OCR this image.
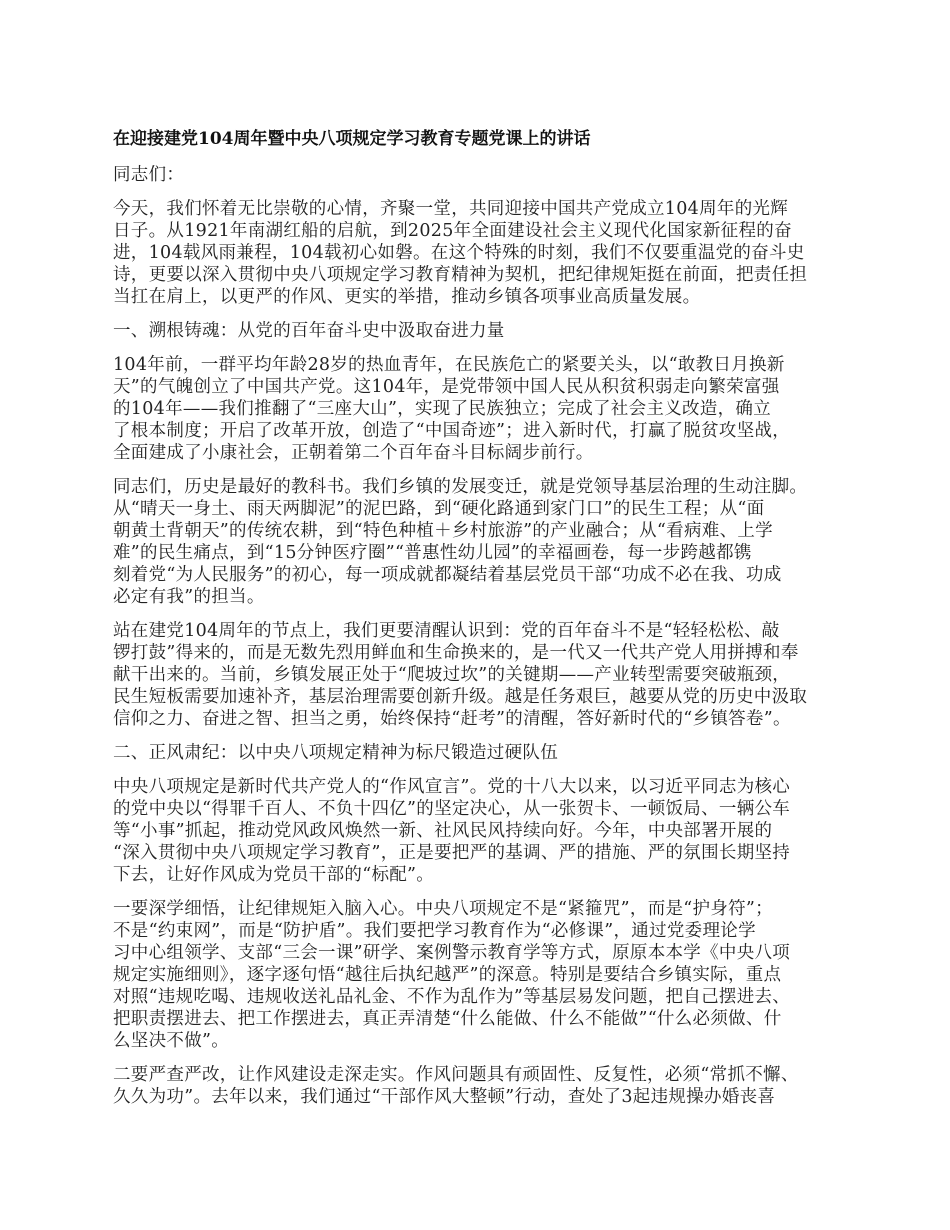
在迎接建党104周年暨中央八项规定学习教育专题党课上的讲话
同志们：
今天，我们怀着无比崇敬的心情，齐聚一堂，共同迎接中国共产党成立104周年的光辉
日子。从1921年南湖红船的启航，到2025年全面建设社会主义现代化国家新征程的奋
进，104载风雨兼程，104载初心如磐。在这个特殊的时刻，我们不仅要重温党的奋斗史
诗，更要以深入贯彻中央八项规定学习教育精神为契机，把纪律规矩挺在前面，把责任担
当扛在肩上，以更严的作风、更实的举措，推动乡镇各项事业高质量发展。
一、溯根铸魂：从党的百年奋斗史中汲取奋进力量
104年前，一群平均年龄28岁的热血青年，在民族危亡的紧要关头，以“敢教日月换新
天”的气魄创立了中国共产党。这104年，是党带领中国人民从积贫积弱走向繁荣富强
的104年——我们推翻了“三座大山”，实现了民族独立；完成了社会主义改造，确立
了根本制度；开启了改革开放，创造了“中国奇迹”；进入新时代，打赢了脱贫攻坚战，
全面建成了小康社会，正朝着第二个百年奋斗目标阔步前行。
同志们，历史是最好的教科书。我们乡镇的发展变迁，就是党领导基层治理的生动注脚。
从“晴天一身土、雨天两脚泥”的泥巴路，到“硬化路通到家门口”的民生工程；从“面
朝黄土背朝天”的传统农耕，到“特色种植＋乡村旅游”的产业融合；从“看病难、上学
难”的民生痛点，到“15分钟医疗圈”“普惠性幼儿园”的幸福画卷，每一步跨越都镌
刻着党“为人民服务”的初心，每一项成就都凝结着基层党员干部“功成不必在我、功成
必定有我”的担当。
站在建党104周年的节点上，我们更要清醒认识到：党的百年奋斗不是“轻轻松松、敲
锣打鼓”得来的，而是无数先烈用鲜血和生命换来的，是一代又一代共产党人用拼搏和奉
献干出来的。当前，乡镇发展正处于“爬坡过坎”的关键期——产业转型需要突破瓶颈，
民生短板需要加速补齐，基层治理需要创新升级。越是任务艰巨，越要从党的历史中汲取
信仰之力、奋进之智、担当之勇，始终保持“赶考”的清醒，答好新时代的“乡镇答卷”。
二、正风肃纪：以中央八项规定精神为标尺锻造过硬队伍
中央八项规定是新时代共产党人的“作风宣言”。党的十八大以来，以习近平同志为核心
的党中央以“得罪千百人、不负十四亿”的坚定决心，从一张贺卡、一顿饭局、一辆公车
等“小事”抓起，推动党风政风焕然一新、社风民风持续向好。今年，中央部署开展的
“深入贯彻中央八项规定学习教育”，正是要把严的基调、严的措施、严的氛围长期坚持
下去，让好作风成为党员干部的“标配”。
一要深学细悟，让纪律规矩入脑入心。中央八项规定不是“紧箍咒”，而是“护身符”；
不是“约束网”，而是“防护盾”。我们要把学习教育作为“必修课”，通过党委理论学
习中心组领学、支部“三会一课”研学、案例警示教育学等方式，原原本本学《中央八项
规定实施细则》，逐字逐句悟“越往后执纪越严”的深意。特别是要结合乡镇实际，重点
对照“违规吃喝、违规收送礼品礼金、不作为乱作为”等基层易发问题，把自己摆进去、
把职责摆进去、把工作摆进去，真正弄清楚“什么能做、什么不能做”“什么必须做、什
么坚决不做”。
二要严查严改，让作风建设走深走实。作风问题具有顽固性、反复性，必须“常抓不懈、
久久为功”。去年以来，我们通过“干部作风大整顿”行动，查处了3起违规操办婚丧喜
